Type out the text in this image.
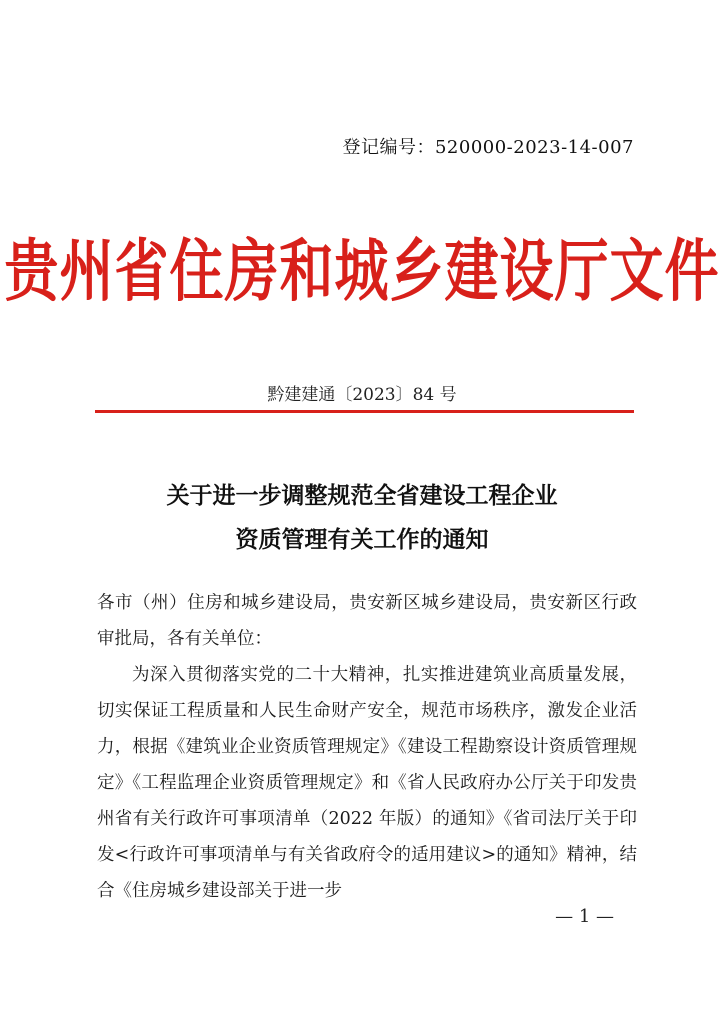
登记编号：520000-2023-14-007
贵州省住房和城乡建设厅文件
黔建建通〔2023〕84 号
关于进一步调整规范全省建设工程企业
资质管理有关工作的通知

各市（州）住房和城乡建设局，贵安新区城乡建设局，贵安新区行政审批局，各有关单位：

为深入贯彻落实党的二十大精神，扎实推进建筑业高质量发展，切实保证工程质量和人民生命财产安全，规范市场秩序，激发企业活力，根据《建筑业企业资质管理规定》《建设工程勘察设计资质管理规定》《工程监理企业资质管理规定》和《省人民政府办公厅关于印发贵州省有关行政许可事项清单（2022 年版）的通知》《省司法厅关于印发<行政许可事项清单与有关省政府令的适用建议>的通知》精神，结合《住房城乡建设部关于进一步

— 1 —
